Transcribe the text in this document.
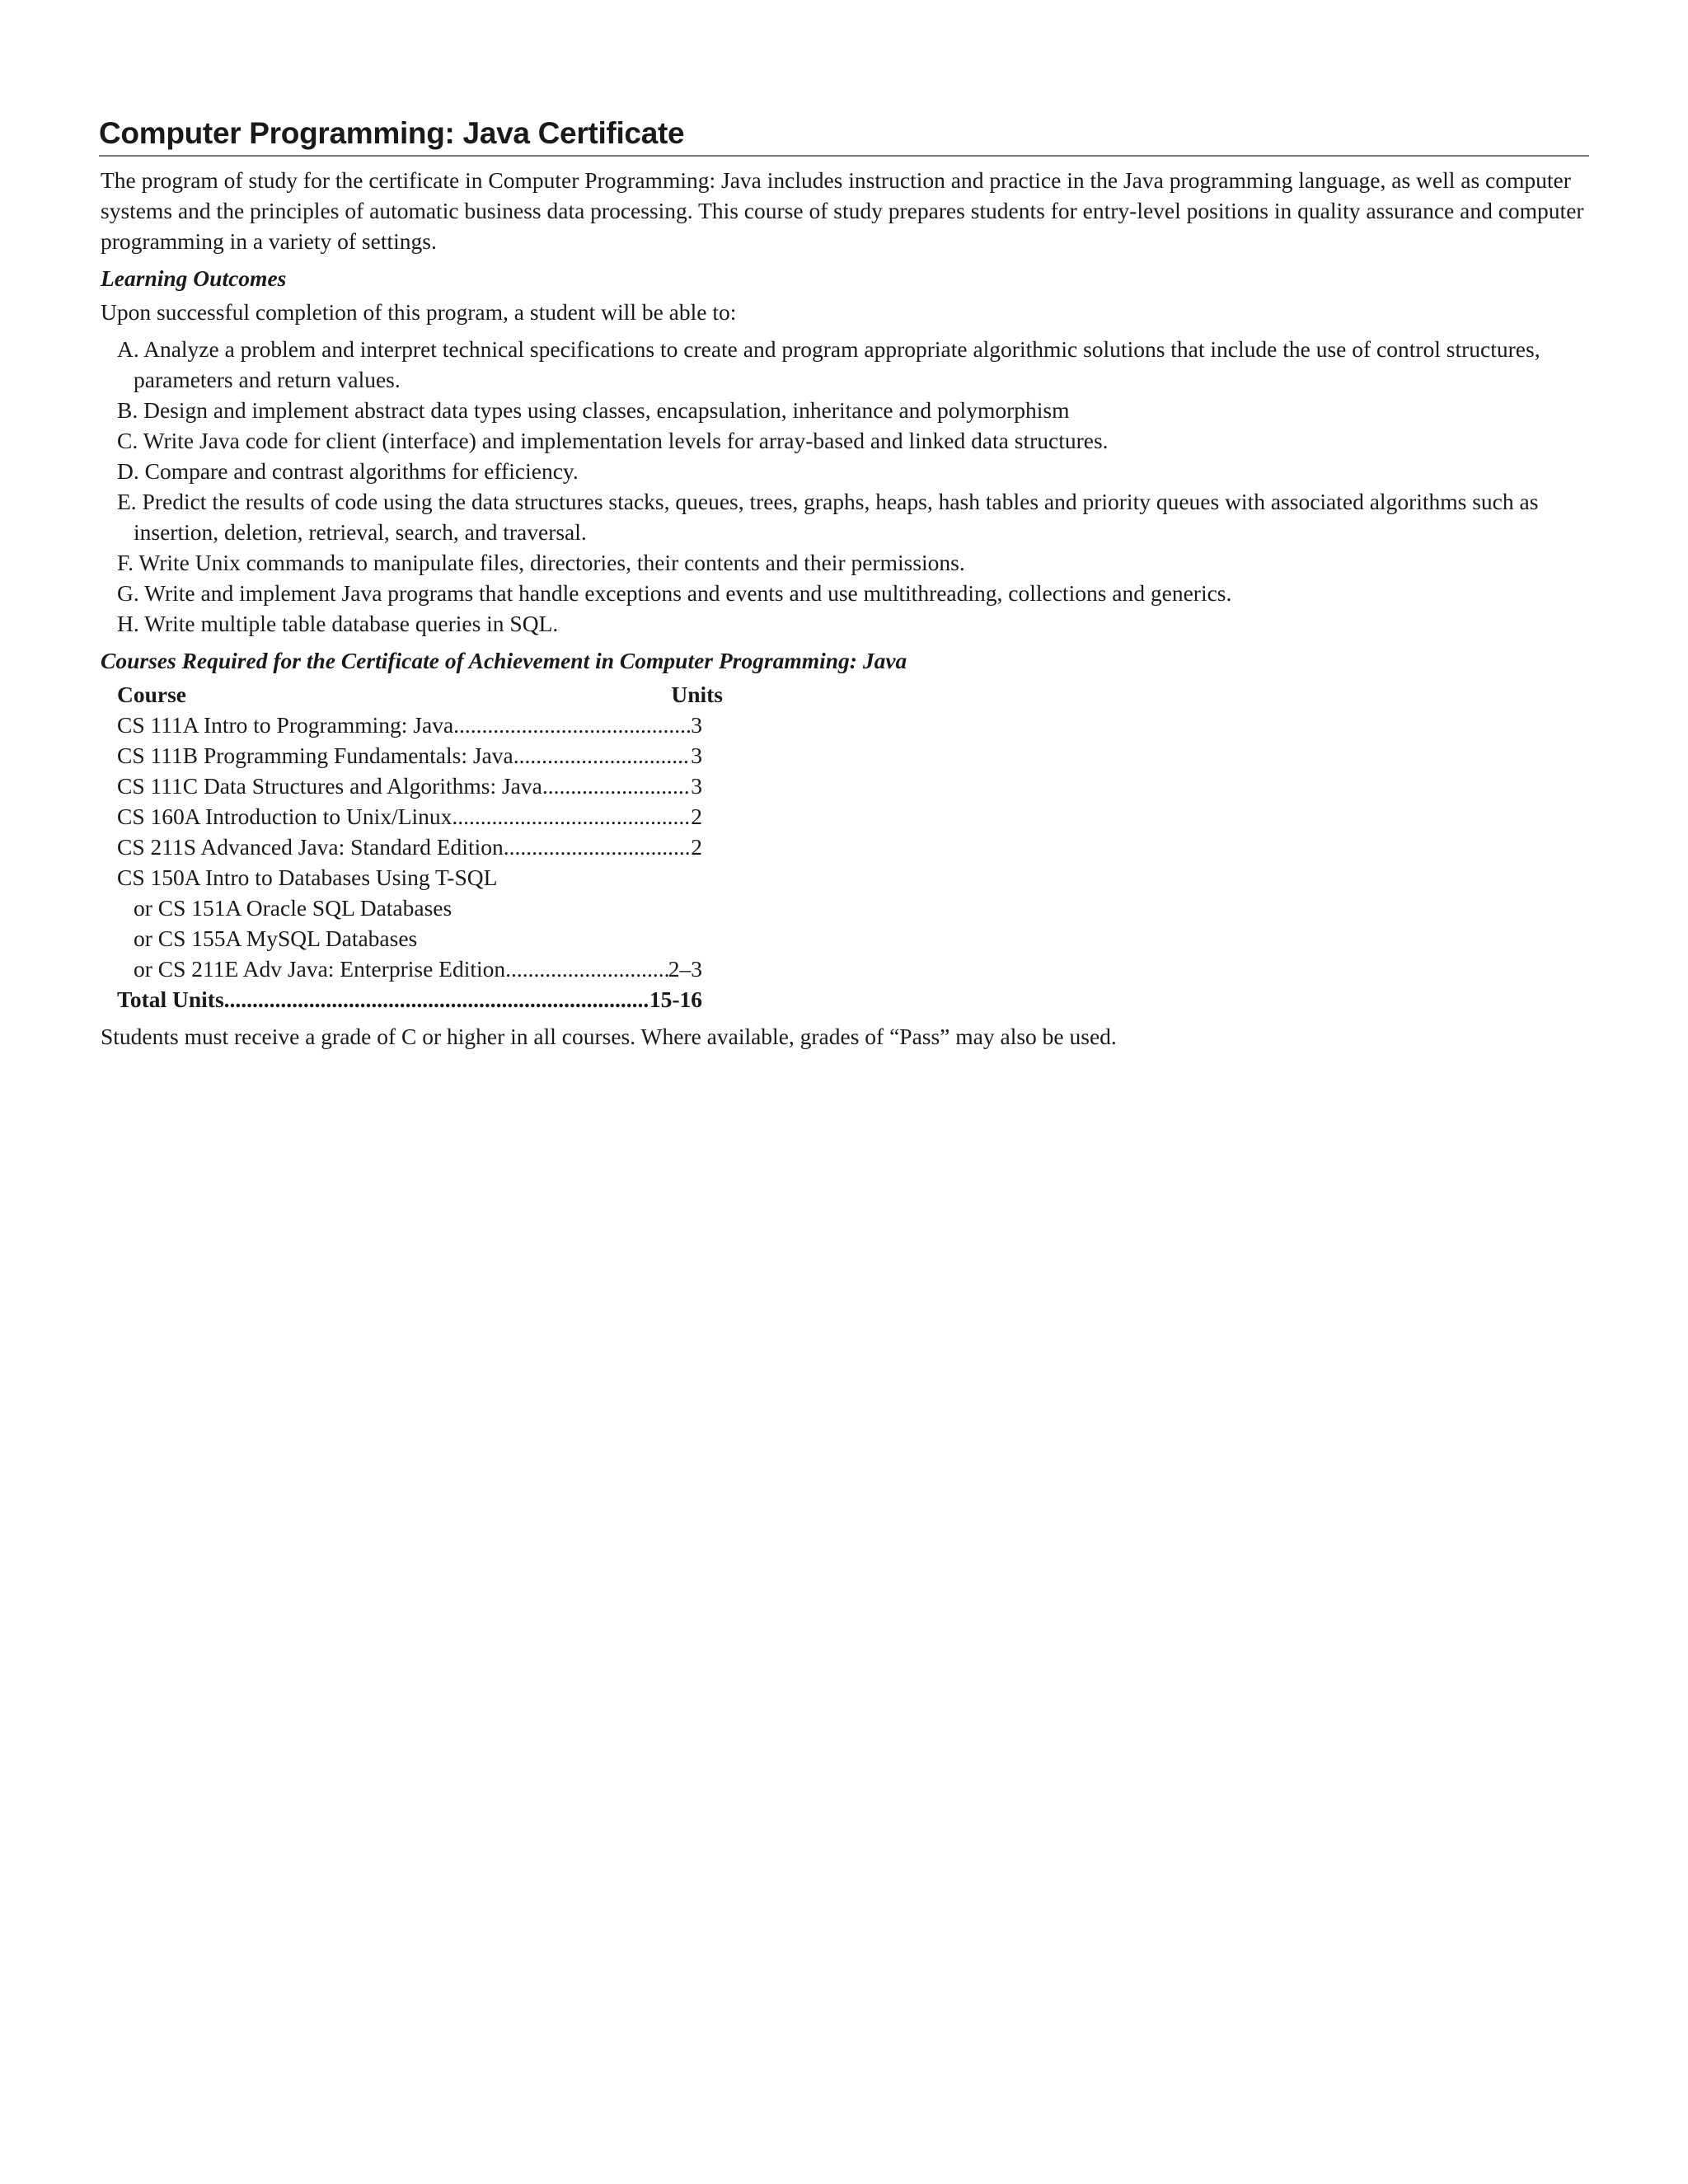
Computer Programming: Java Certificate

The program of study for the certificate in Computer Programming: Java includes instruction and practice in the Java programming language, as well as computer systems and the principles of automatic business data processing. This course of study prepares students for entry-level positions in quality assurance and computer programming in a variety of settings.

Learning Outcomes
Upon successful completion of this program, a student will be able to:
A. Analyze a problem and interpret technical specifications to create and program appropriate algorithmic solutions that include the use of control structures, parameters and return values.
B. Design and implement abstract data types using classes, encapsulation, inheritance and polymorphism
C. Write Java code for client (interface) and implementation levels for array-based and linked data structures.
D. Compare and contrast algorithms for efficiency.
E. Predict the results of code using the data structures stacks, queues, trees, graphs, heaps, hash tables and priority queues with associated algorithms such as insertion, deletion, retrieval, search, and traversal.
F. Write Unix commands to manipulate files, directories, their contents and their permissions.
G. Write and implement Java programs that handle exceptions and events and use multithreading, collections and generics.
H. Write multiple table database queries in SQL.
Courses Required for the Certificate of Achievement in Computer Programming: Java
Course	Units
CS 111A Intro to Programming: Java .....	3
CS 111B Programming Fundamentals: Java .....	3
CS 111C Data Structures and Algorithms: Java .....	3
CS 160A Introduction to Unix/Linux .....	2
CS 211S Advanced Java: Standard Edition .....	2
CS 150A Intro to Databases Using T-SQL
or CS 151A Oracle SQL Databases
or CS 155A MySQL Databases
or CS 211E Adv Java: Enterprise Edition .....	2–3
Total Units .....	15-16

Students must receive a grade of C or higher in all courses. Where available, grades of “Pass” may also be used.
